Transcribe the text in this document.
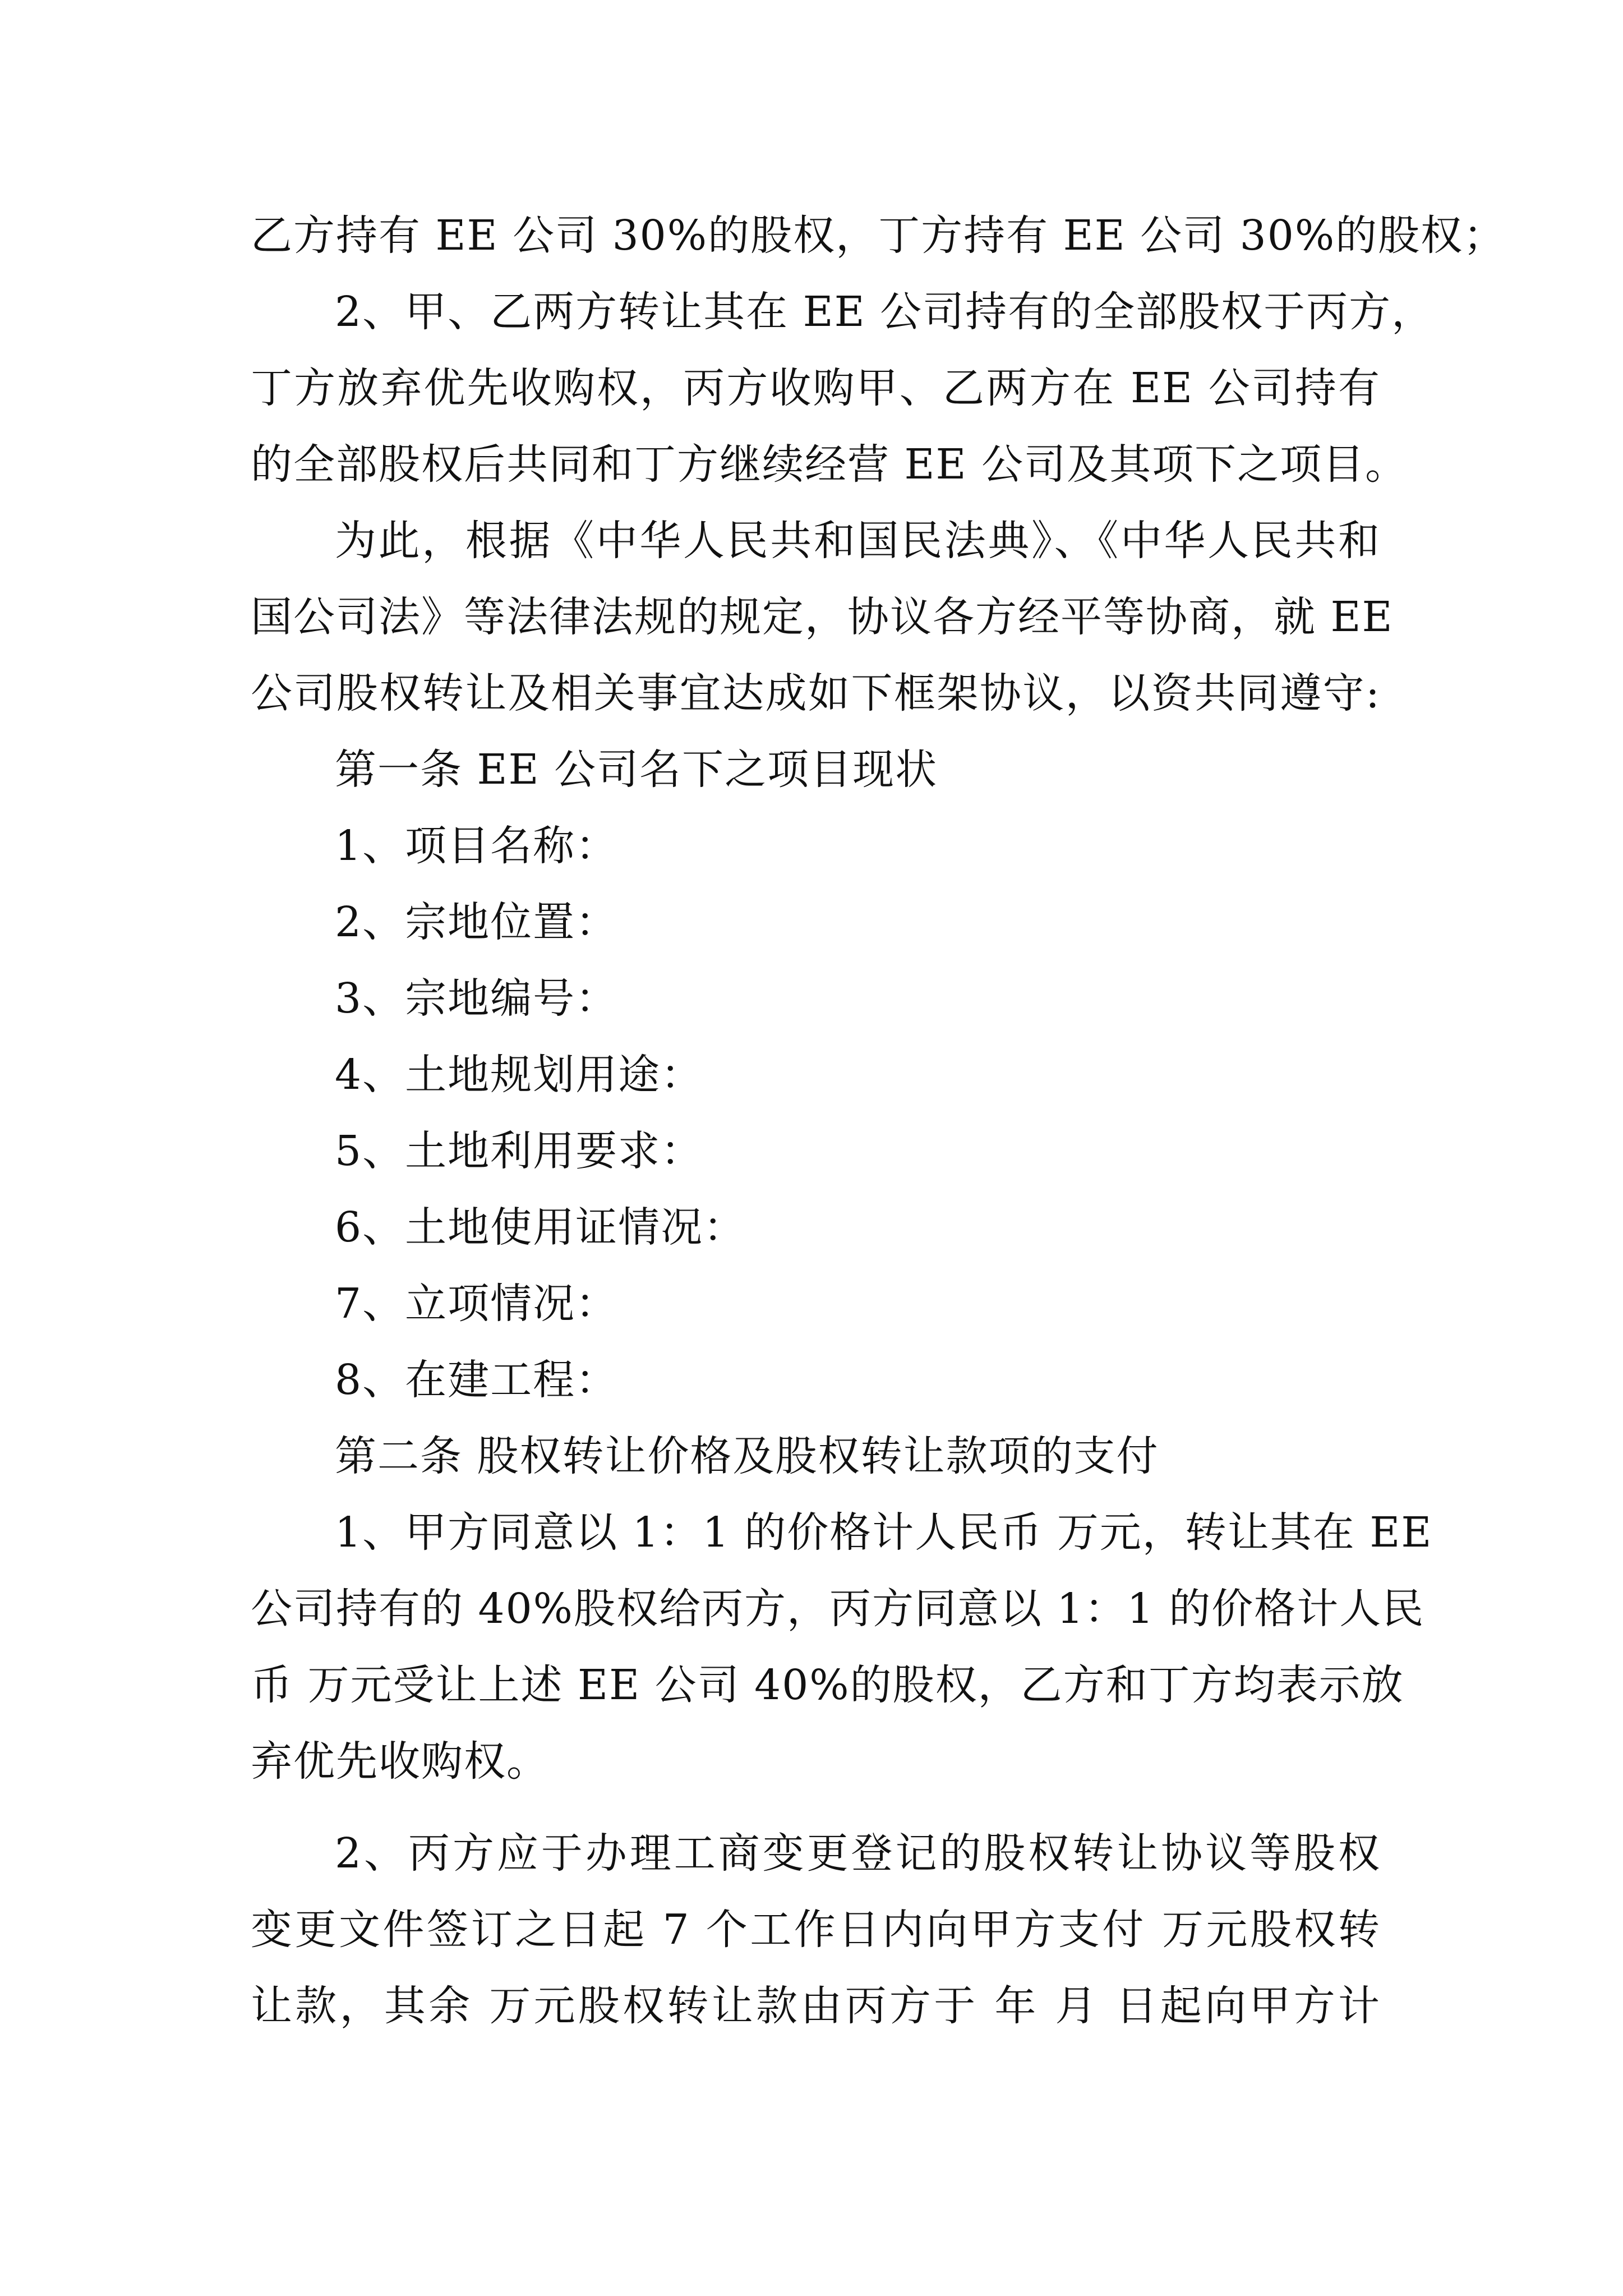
乙方持有 EE 公司 30%的股权，丁方持有 EE 公司 30%的股权；
2、甲、乙两方转让其在 EE 公司持有的全部股权于丙方，
丁方放弃优先收购权，丙方收购甲、乙两方在 EE 公司持有
的全部股权后共同和丁方继续经营 EE 公司及其项下之项目。
为此，根据《中华人民共和国民法典》、《中华人民共和
国公司法》等法律法规的规定，协议各方经平等协商，就 EE
公司股权转让及相关事宜达成如下框架协议，以资共同遵守:
第一条 EE 公司名下之项目现状
1、项目名称：
2、宗地位置：
3、宗地编号：
4、土地规划用途：
5、土地利用要求：
6、土地使用证情况：
7、立项情况：
8、在建工程：
第二条 股权转让价格及股权转让款项的支付
1、甲方同意以 1：1 的价格计人民币 万元，转让其在 EE
公司持有的 40%股权给丙方，丙方同意以 1：1 的价格计人民
币 万元受让上述 EE 公司 40%的股权，乙方和丁方均表示放
弃优先收购权。
2、丙方应于办理工商变更登记的股权转让协议等股权
变更文件签订之日起 7 个工作日内向甲方支付 万元股权转
让款，其余 万元股权转让款由丙方于 年 月 日起向甲方计
